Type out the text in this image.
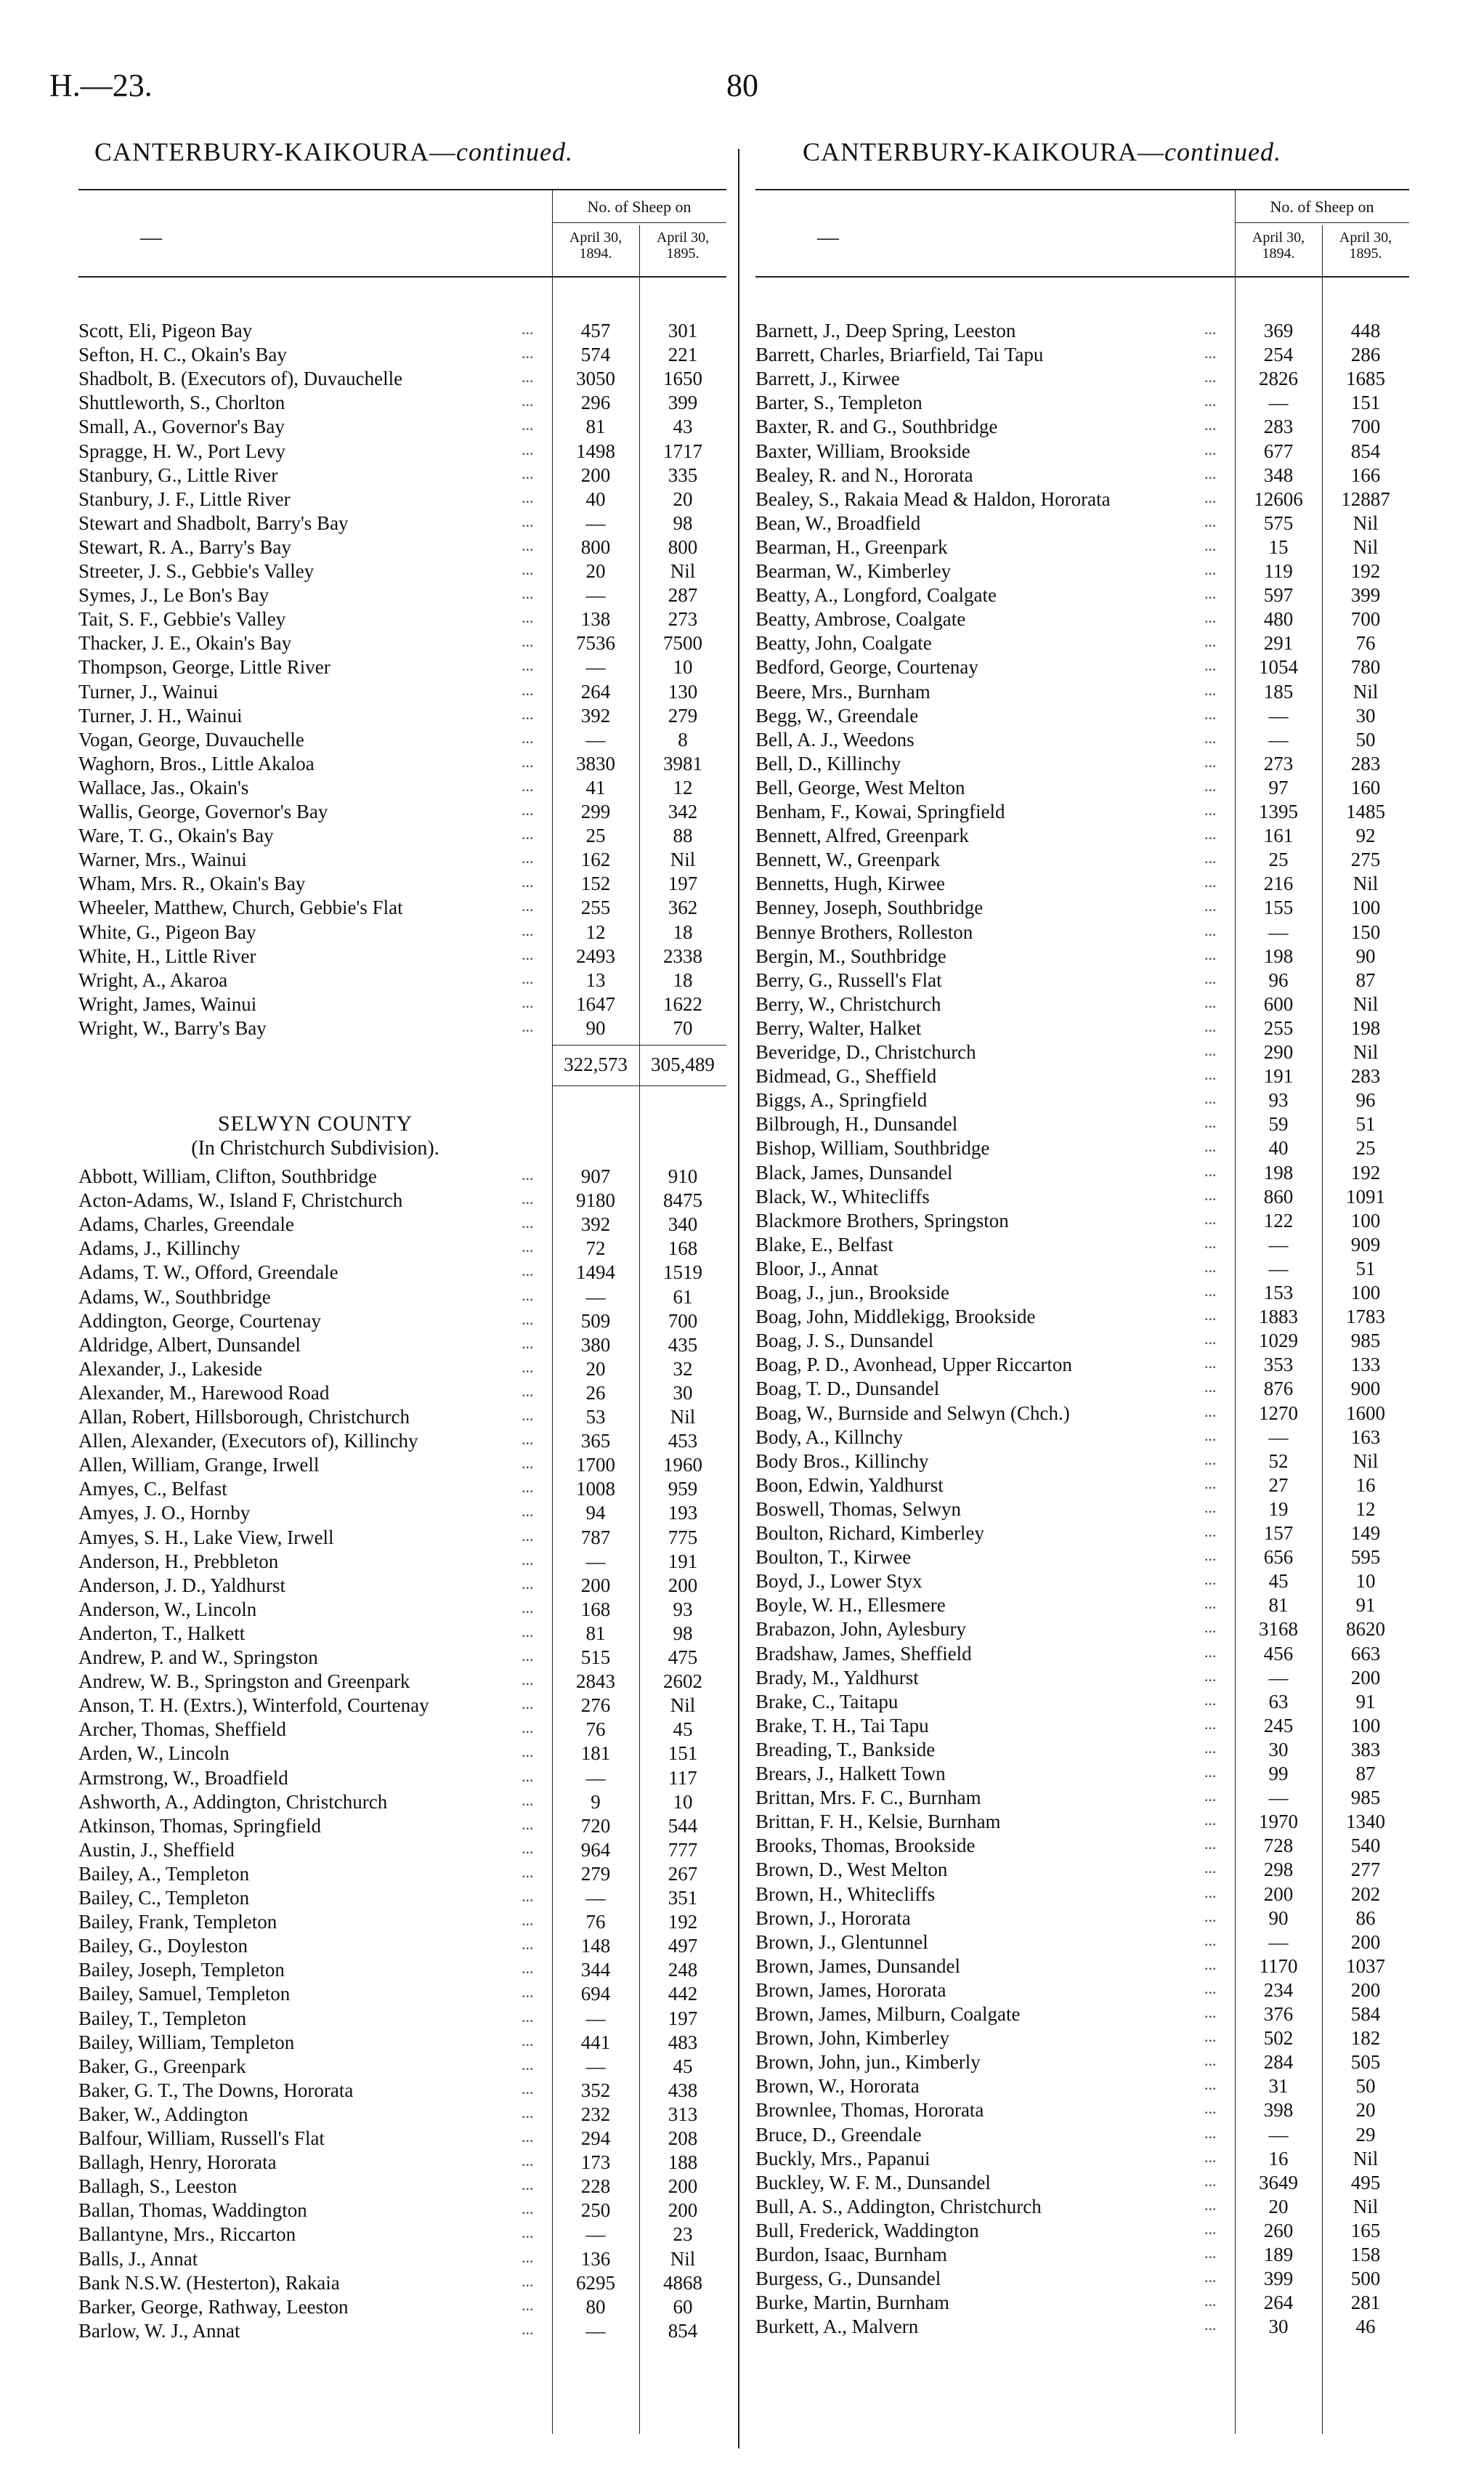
H.—23.	80
CANTERBURY-KAIKOURA—continued.
—
No. of Sheep on
April 30, 1894.
April 30, 1895.
Scott, Eli, Pigeon Bay	...	457	301
Sefton, H. C., Okain's Bay	...	574	221
Shadbolt, B. (Executors of), Duvauchelle	...	3050	1650
Shuttleworth, S., Chorlton	...	296	399
Small, A., Governor's Bay	...	81	43
Spragge, H. W., Port Levy	...	1498	1717
Stanbury, G., Little River	...	200	335
Stanbury, J. F., Little River	...	40	20
Stewart and Shadbolt, Barry's Bay	...	—	98
Stewart, R. A., Barry's Bay	...	800	800
Streeter, J. S., Gebbie's Valley	...	20	Nil
Symes, J., Le Bon's Bay	...	—	287
Tait, S. F., Gebbie's Valley	...	138	273
Thacker, J. E., Okain's Bay	...	7536	7500
Thompson, George, Little River	...	—	10
Turner, J., Wainui	...	264	130
Turner, J. H., Wainui	...	392	279
Vogan, George, Duvauchelle	...	—	8
Waghorn, Bros., Little Akaloa	...	3830	3981
Wallace, Jas., Okain's	...	41	12
Wallis, George, Governor's Bay	...	299	342
Ware, T. G., Okain's Bay	...	25	88
Warner, Mrs., Wainui	...	162	Nil
Wham, Mrs. R., Okain's Bay	...	152	197
Wheeler, Matthew, Church, Gebbie's Flat	...	255	362
White, G., Pigeon Bay	...	12	18
White, H., Little River	...	2493	2338
Wright, A., Akaroa	...	13	18
Wright, James, Wainui	...	1647	1622
Wright, W., Barry's Bay	...	90	70
322,573	305,489
SELWYN COUNTY
(In Christchurch Subdivision).
Abbott, William, Clifton, Southbridge	...	907	910
Acton-Adams, W., Island F, Christchurch	...	9180	8475
Adams, Charles, Greendale	...	392	340
Adams, J., Killinchy	...	72	168
Adams, T. W., Offord, Greendale	...	1494	1519
Adams, W., Southbridge	...	—	61
Addington, George, Courtenay	...	509	700
Aldridge, Albert, Dunsandel	...	380	435
Alexander, J., Lakeside	...	20	32
Alexander, M., Harewood Road	...	26	30
Allan, Robert, Hillsborough, Christchurch	...	53	Nil
Allen, Alexander, (Executors of), Killinchy	...	365	453
Allen, William, Grange, Irwell	...	1700	1960
Amyes, C., Belfast	...	1008	959
Amyes, J. O., Hornby	...	94	193
Amyes, S. H., Lake View, Irwell	...	787	775
Anderson, H., Prebbleton	...	—	191
Anderson, J. D., Yaldhurst	...	200	200
Anderson, W., Lincoln	...	168	93
Anderton, T., Halkett	...	81	98
Andrew, P. and W., Springston	...	515	475
Andrew, W. B., Springston and Greenpark	...	2843	2602
Anson, T. H. (Extrs.), Winterfold, Courtenay	...	276	Nil
Archer, Thomas, Sheffield	...	76	45
Arden, W., Lincoln	...	181	151
Armstrong, W., Broadfield	...	—	117
Ashworth, A., Addington, Christchurch	...	9	10
Atkinson, Thomas, Springfield	...	720	544
Austin, J., Sheffield	...	964	777
Bailey, A., Templeton	...	279	267
Bailey, C., Templeton	...	—	351
Bailey, Frank, Templeton	...	76	192
Bailey, G., Doyleston	...	148	497
Bailey, Joseph, Templeton	...	344	248
Bailey, Samuel, Templeton	...	694	442
Bailey, T., Templeton	...	—	197
Bailey, William, Templeton	...	441	483
Baker, G., Greenpark	...	—	45
Baker, G. T., The Downs, Hororata	...	352	438
Baker, W., Addington	...	232	313
Balfour, William, Russell's Flat	...	294	208
Ballagh, Henry, Hororata	...	173	188
Ballagh, S., Leeston	...	228	200
Ballan, Thomas, Waddington	...	250	200
Ballantyne, Mrs., Riccarton	...	—	23
Balls, J., Annat	...	136	Nil
Bank N.S.W. (Hesterton), Rakaia	...	6295	4868
Barker, George, Rathway, Leeston	...	80	60
Barlow, W. J., Annat	...	—	854
CANTERBURY-KAIKOURA—continued.
—
No. of Sheep on
April 30, 1894.
April 30, 1895.
Barnett, J., Deep Spring, Leeston	...	369	448
Barrett, Charles, Briarfield, Tai Tapu	...	254	286
Barrett, J., Kirwee	...	2826	1685
Barter, S., Templeton	...	—	151
Baxter, R. and G., Southbridge	...	283	700
Baxter, William, Brookside	...	677	854
Bealey, R. and N., Hororata	...	348	166
Bealey, S., Rakaia Mead & Haldon, Hororata	...	12606	12887
Bean, W., Broadfield	...	575	Nil
Bearman, H., Greenpark	...	15	Nil
Bearman, W., Kimberley	...	119	192
Beatty, A., Longford, Coalgate	...	597	399
Beatty, Ambrose, Coalgate	...	480	700
Beatty, John, Coalgate	...	291	76
Bedford, George, Courtenay	...	1054	780
Beere, Mrs., Burnham	...	185	Nil
Begg, W., Greendale	...	—	30
Bell, A. J., Weedons	...	—	50
Bell, D., Killinchy	...	273	283
Bell, George, West Melton	...	97	160
Benham, F., Kowai, Springfield	...	1395	1485
Bennett, Alfred, Greenpark	...	161	92
Bennett, W., Greenpark	...	25	275
Bennetts, Hugh, Kirwee	...	216	Nil
Benney, Joseph, Southbridge	...	155	100
Bennye Brothers, Rolleston	...	—	150
Bergin, M., Southbridge	...	198	90
Berry, G., Russell's Flat	...	96	87
Berry, W., Christchurch	...	600	Nil
Berry, Walter, Halket	...	255	198
Beveridge, D., Christchurch	...	290	Nil
Bidmead, G., Sheffield	...	191	283
Biggs, A., Springfield	...	93	96
Bilbrough, H., Dunsandel	...	59	51
Bishop, William, Southbridge	...	40	25
Black, James, Dunsandel	...	198	192
Black, W., Whitecliffs	...	860	1091
Blackmore Brothers, Springston	...	122	100
Blake, E., Belfast	...	—	909
Bloor, J., Annat	...	—	51
Boag, J., jun., Brookside	...	153	100
Boag, John, Middlekigg, Brookside	...	1883	1783
Boag, J. S., Dunsandel	...	1029	985
Boag, P. D., Avonhead, Upper Riccarton	...	353	133
Boag, T. D., Dunsandel	...	876	900
Boag, W., Burnside and Selwyn (Chch.)	...	1270	1600
Body, A., Killnchy	...	—	163
Body Bros., Killinchy	...	52	Nil
Boon, Edwin, Yaldhurst	...	27	16
Boswell, Thomas, Selwyn	...	19	12
Boulton, Richard, Kimberley	...	157	149
Boulton, T., Kirwee	...	656	595
Boyd, J., Lower Styx	...	45	10
Boyle, W. H., Ellesmere	...	81	91
Brabazon, John, Aylesbury	...	3168	8620
Bradshaw, James, Sheffield	...	456	663
Brady, M., Yaldhurst	...	—	200
Brake, C., Taitapu	...	63	91
Brake, T. H., Tai Tapu	...	245	100
Breading, T., Bankside	...	30	383
Brears, J., Halkett Town	...	99	87
Brittan, Mrs. F. C., Burnham	...	—	985
Brittan, F. H., Kelsie, Burnham	...	1970	1340
Brooks, Thomas, Brookside	...	728	540
Brown, D., West Melton	...	298	277
Brown, H., Whitecliffs	...	200	202
Brown, J., Hororata	...	90	86
Brown, J., Glentunnel	...	—	200
Brown, James, Dunsandel	...	1170	1037
Brown, James, Hororata	...	234	200
Brown, James, Milburn, Coalgate	...	376	584
Brown, John, Kimberley	...	502	182
Brown, John, jun., Kimberly	...	284	505
Brown, W., Hororata	...	31	50
Brownlee, Thomas, Hororata	...	398	20
Bruce, D., Greendale	...	—	29
Buckly, Mrs., Papanui	...	16	Nil
Buckley, W. F. M., Dunsandel	...	3649	495
Bull, A. S., Addington, Christchurch	...	20	Nil
Bull, Frederick, Waddington	...	260	165
Burdon, Isaac, Burnham	...	189	158
Burgess, G., Dunsandel	...	399	500
Burke, Martin, Burnham	...	264	281
Burkett, A., Malvern	...	30	46
